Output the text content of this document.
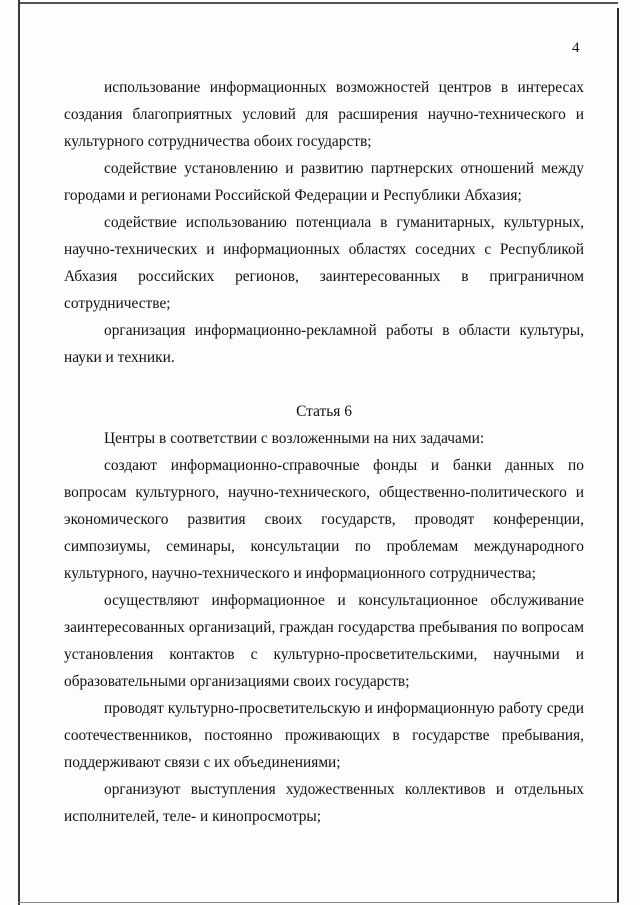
4

использование информационных возможностей центров в интересах создания благоприятных условий для расширения научно-технического и культурного сотрудничества обоих государств;

содействие установлению и развитию партнерских отношений между городами и регионами Российской Федерации и Республики Абхазия;

содействие использованию потенциала в гуманитарных, культурных, научно-технических и информационных областях соседних с Республикой Абхазия российских регионов, заинтересованных в приграничном сотрудничестве;

организация информационно-рекламной работы в области культуры, науки и техники.

Статья 6

Центры в соответствии с возложенными на них задачами:

создают информационно-справочные фонды и банки данных по вопросам культурного, научно-технического, общественно-политического и экономического развития своих государств, проводят конференции, симпозиумы, семинары, консультации по проблемам международного культурного, научно-технического и информационного сотрудничества;

осуществляют информационное и консультационное обслуживание заинтересованных организаций, граждан государства пребывания по вопросам установления контактов с культурно-просветительскими, научными и образовательными организациями своих государств;

проводят культурно-просветительскую и информационную работу среди соотечественников, постоянно проживающих в государстве пребывания, поддерживают связи с их объединениями;

организуют выступления художественных коллективов и отдельных исполнителей, теле- и кинопросмотры;
